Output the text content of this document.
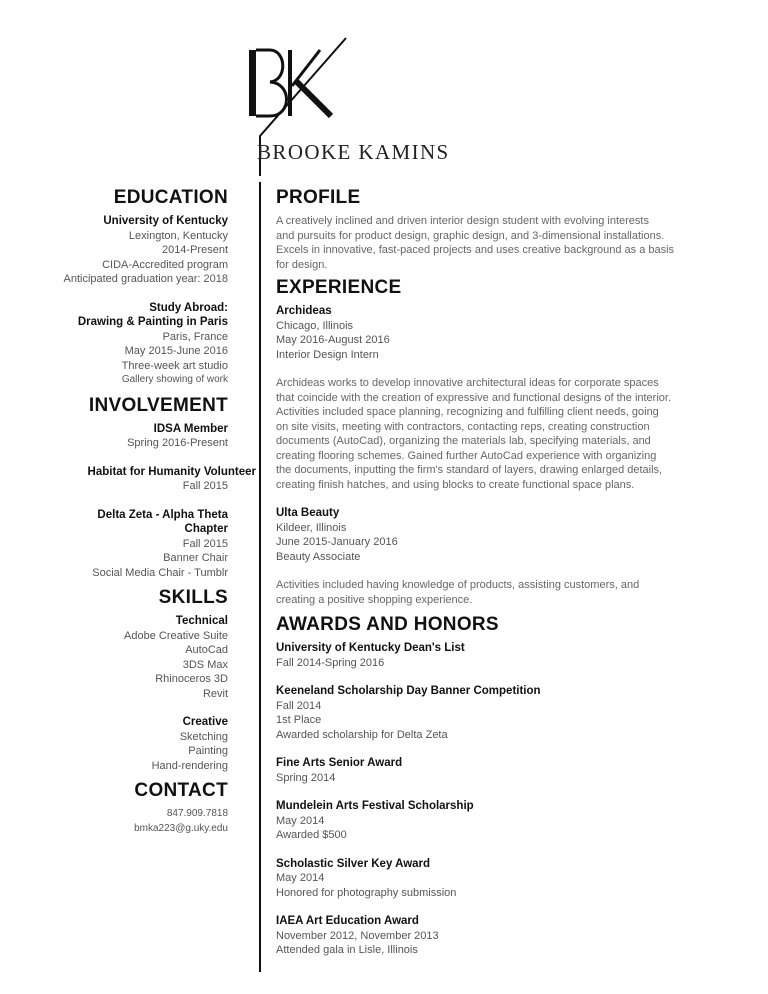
BROOKE KAMINS
EDUCATION
University of Kentucky
Lexington, Kentucky
2014-Present
CIDA-Accredited program
Anticipated graduation year: 2018
Study Abroad:
Drawing & Painting in Paris
Paris, France
May 2015-June 2016
Three-week art studio
Gallery showing of work
INVOLVEMENT
IDSA Member
Spring 2016-Present
Habitat for Humanity Volunteer
Fall 2015
Delta Zeta - Alpha Theta
Chapter
Fall 2015
Banner Chair
Social Media Chair - Tumblr
SKILLS
Technical
Adobe Creative Suite
AutoCad
3DS Max
Rhinoceros 3D
Revit
Creative
Sketching
Painting
Hand-rendering
CONTACT
847.909.7818
bmka223@g.uky.edu
PROFILE
A creatively inclined and driven interior design student with evolving interests
and pursuits for product design, graphic design, and 3-dimensional installations.
Excels in innovative, fast-paced projects and uses creative background as a basis
for design.
EXPERIENCE
Archideas
Chicago, Illinois
May 2016-August 2016
Interior Design Intern
Archideas works to develop innovative architectural ideas for corporate spaces
that coincide with the creation of expressive and functional designs of the interior.
Activities included space planning, recognizing and fulfilling client needs, going
on site visits, meeting with contractors, contacting reps, creating construction
documents (AutoCad), organizing the materials lab, specifying materials, and
creating flooring schemes. Gained further AutoCad experience with organizing
the documents, inputting the firm's standard of layers, drawing enlarged details,
creating finish hatches, and using blocks to create functional space plans.
Ulta Beauty
Kildeer, Illinois
June 2015-January 2016
Beauty Associate
Activities included having knowledge of products, assisting customers, and
creating a positive shopping experience.
AWARDS AND HONORS
University of Kentucky Dean's List
Fall 2014-Spring 2016
Keeneland Scholarship Day Banner Competition
Fall 2014
1st Place
Awarded scholarship for Delta Zeta
Fine Arts Senior Award
Spring 2014
Mundelein Arts Festival Scholarship
May 2014
Awarded $500
Scholastic Silver Key Award
May 2014
Honored for photography submission
IAEA Art Education Award
November 2012, November 2013
Attended gala in Lisle, Illinois
